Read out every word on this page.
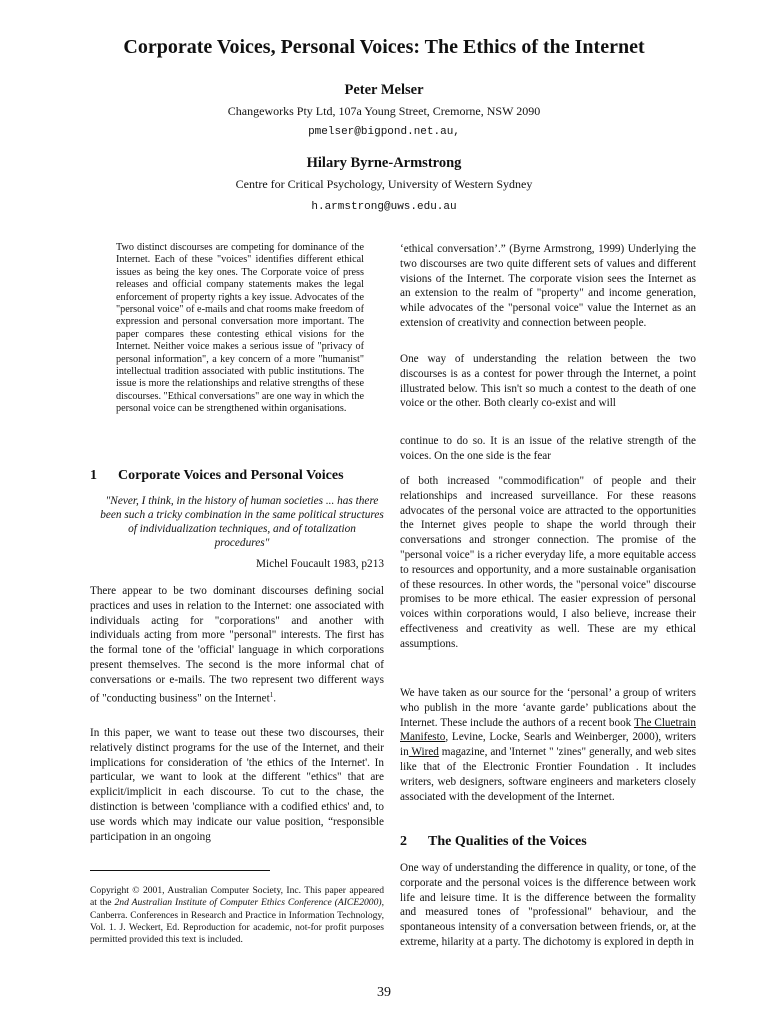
Corporate Voices, Personal Voices: The Ethics of the Internet
Peter Melser
Changeworks Pty Ltd, 107a Young Street, Cremorne, NSW 2090
pmelser@bigpond.net.au,
Hilary Byrne-Armstrong
Centre for Critical Psychology, University of Western Sydney
h.armstrong@uws.edu.au

Two distinct discourses are competing for dominance of the Internet. Each of these "voices" identifies different ethical issues as being the key ones. The Corporate voice of press releases and official company statements makes the legal enforcement of property rights a key issue. Advocates of the "personal voice" of e-mails and chat rooms make freedom of expression and personal conversation more important. The paper compares these contesting ethical visions for the Internet. Neither voice makes a serious issue of "privacy of personal information", a key concern of a more "humanist" intellectual tradition associated with public institutions. The issue is more the relationships and relative strengths of these discourses. "Ethical conversations" are one way in which the personal voice can be strengthened within organisations.

1 Corporate Voices and Personal Voices

"Never, I think, in the history of human societies ... has there been such a tricky combination in the same political structures of individualization techniques, and of totalization procedures"

Michel Foucault 1983, p213

There appear to be two dominant discourses defining social practices and uses in relation to the Internet: one associated with individuals acting for "corporations" and another with individuals acting from more "personal" interests. The first has the formal tone of the 'official' language in which corporations present themselves. The second is the more informal chat of conversations or e-mails. The two represent two different ways of "conducting business" on the Internet$^1$.

In this paper, we want to tease out these two discourses, their relatively distinct programs for the use of the Internet, and their implications for consideration of 'the ethics of the Internet'. In particular, we want to look at the different "ethics" that are explicit/implicit in each discourse. To cut to the chase, the distinction is between 'compliance with a codified ethics' and, to use words which may indicate our value position, “responsible participation in an ongoing

Copyright © 2001, Australian Computer Society, Inc. This paper appeared at the 2nd Australian Institute of Computer Ethics Conference (AICE2000), Canberra. Conferences in Research and Practice in Information Technology, Vol. 1. J. Weckert, Ed. Reproduction for academic, not-for profit purposes permitted provided this text is included.

‘ethical conversation’.” (Byrne Armstrong, 1999) Underlying the two discourses are two quite different sets of values and different visions of the Internet. The corporate vision sees the Internet as an extension to the realm of "property" and income generation, while advocates of the "personal voice" value the Internet as an extension of creativity and connection between people.

One way of understanding the relation between the two discourses is as a contest for power through the Internet, a point illustrated below. This isn't so much a contest to the death of one voice or the other. Both clearly co-exist and will

continue to do so. It is an issue of the relative strength of the voices. On the one side is the fear

of both increased "commodification" of people and their relationships and increased surveillance. For these reasons advocates of the personal voice are attracted to the opportunities the Internet gives people to shape the world through their conversations and stronger connection. The promise of the "personal voice" is a richer everyday life, a more equitable access to resources and opportunity, and a more sustainable organisation of these resources. In other words, the "personal voice" discourse promises to be more ethical. The easier expression of personal voices within corporations would, I also believe, increase their effectiveness and creativity as well. These are my ethical assumptions.

We have taken as our source for the ‘personal’ a group of writers who publish in the more ‘avante garde’ publications about the Internet. These include the authors of a recent book The Cluetrain Manifesto, Levine, Locke, Searls and Weinberger, 2000), writers in Wired magazine, and 'Internet " 'zines" generally, and web sites like that of the Electronic Frontier Foundation . It includes writers, web designers, software engineers and marketers closely associated with the development of the Internet.
2 The Qualities of the Voices

One way of understanding the difference in quality, or tone, of the corporate and the personal voices is the difference between work life and leisure time. It is the difference between the formality and measured tones of "professional" behaviour, and the spontaneous intensity of a conversation between friends, or, at the extreme, hilarity at a party. The dichotomy is explored in depth in

39
